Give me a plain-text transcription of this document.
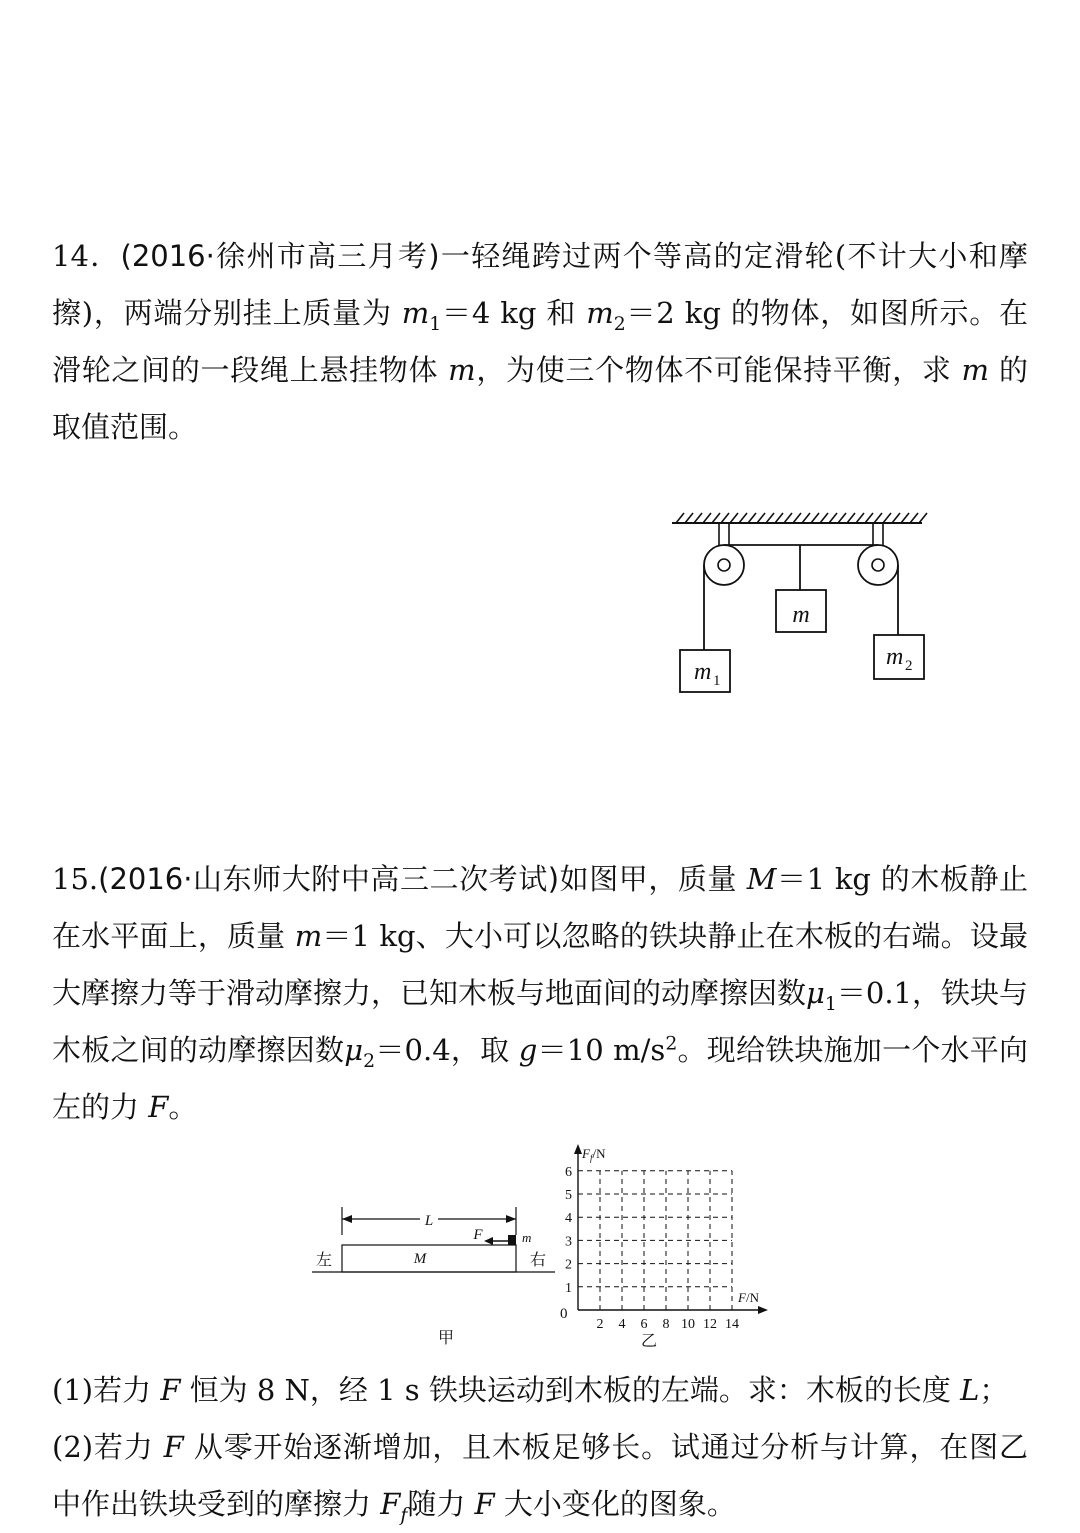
14．(2016·徐州市高三月考)一轻绳跨过两个等高的定滑轮(不计大小和摩擦)，两端分别挂上质量为 $m_1=4$ kg 和 $m_2=2$ kg 的物体，如图所示。在滑轮之间的一段绳上悬挂物体 m，为使三个物体不可能保持平衡，求 m 的取值范围。

m
m 1
m 2

15.(2016·山东师大附中高三二次考试)如图甲，质量 M＝1 kg 的木板静止在水平面上，质量 m＝1 kg、大小可以忽略的铁块静止在木板的右端。设最大摩擦力等于滑动摩擦力，已知木板与地面间的动摩擦因数$\mu_1=0.1$，铁块与木板之间的动摩擦因数$\mu_2=0.4$，取 g＝10 $m/s^2$。现给铁块施加一个水平向左的力 F。

L
F	m
M
左	右
甲
1
2
3
4
5
6
2 4 6 8 10 12 14
0
$F_f/N$
F/N
乙

(1)若力 F 恒为 8 N，经 1 s 铁块运动到木板的左端。求：木板的长度 L；

(2)若力 F 从零开始逐渐增加，且木板足够长。试通过分析与计算，在图乙中作出铁块受到的摩擦力 $F_f$随力 F 大小变化的图象。
